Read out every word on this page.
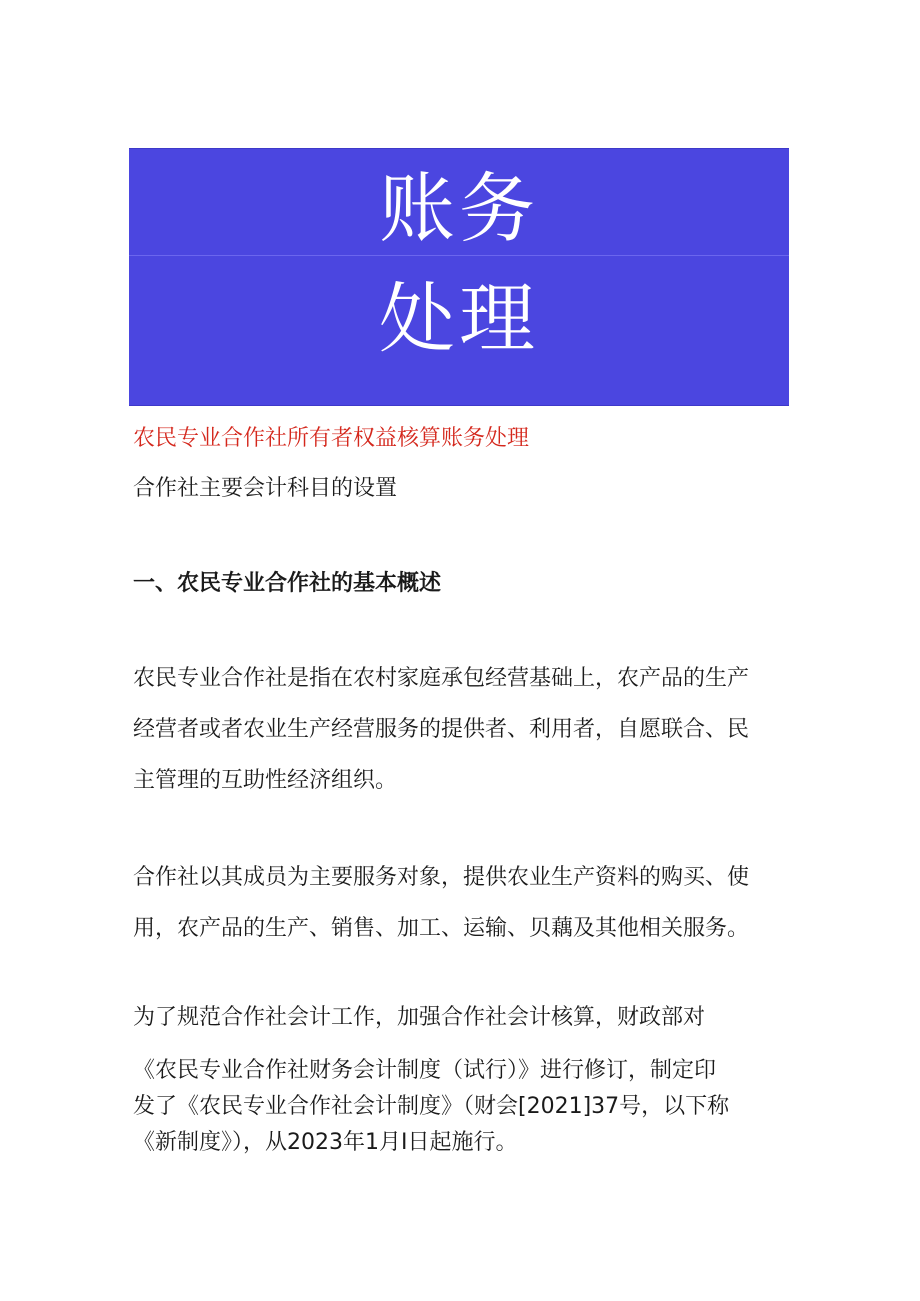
账务
处理
农民专业合作社所有者权益核算账务处理
合作社主要会计科目的设置
一、农民专业合作社的基本概述
农民专业合作社是指在农村家庭承包经营基础上，农产品的生产
经营者或者农业生产经营服务的提供者、利用者，自愿联合、民
主管理的互助性经济组织。
合作社以其成员为主要服务对象，提供农业生产资料的购买、使
用，农产品的生产、销售、加工、运输、贝藕及其他相关服务。
为了规范合作社会计工作，加强合作社会计核算，财政部对
《农民专业合作社财务会计制度（试行）》进行修订，制定印
发了《农民专业合作社会计制度》（财会[2021]37号，以下称
《新制度》），从2023年1月I日起施行。
